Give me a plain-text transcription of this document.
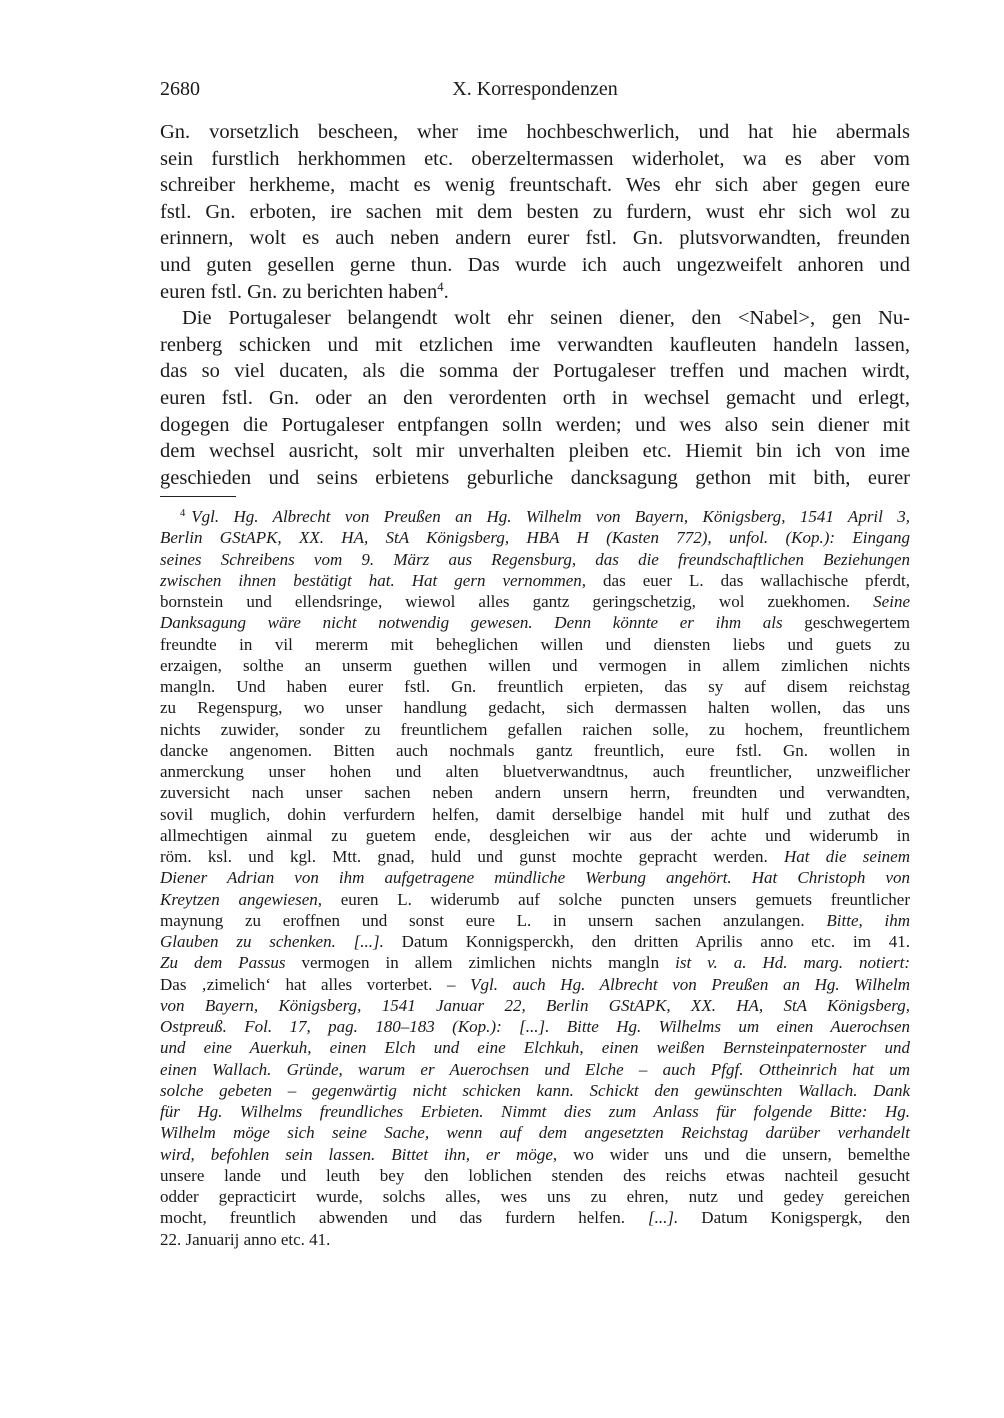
2680	X. Korrespondenzen
Gn. vorsetzlich bescheen, wher ime hochbeschwerlich, und hat hie abermals
sein furstlich herkhommen etc. oberzeltermassen widerholet, wa es aber vom
schreiber herkheme, macht es wenig freuntschaft. Wes ehr sich aber gegen eure
fstl. Gn. erboten, ire sachen mit dem besten zu furdern, wust ehr sich wol zu
erinnern, wolt es auch neben andern eurer fstl. Gn. plutsvorwandten, freunden
und guten gesellen gerne thun. Das wurde ich auch ungezweifelt anhoren und
euren fstl. Gn. zu berichten haben$^4$.
Die Portugaleser belangendt wolt ehr seinen diener, den <Nabel>, gen Nu-
renberg schicken und mit etzlichen ime verwandten kaufleuten handeln lassen,
das so viel ducaten, als die somma der Portugaleser treffen und machen wirdt,
euren fstl. Gn. oder an den verordenten orth in wechsel gemacht und erlegt,
dogegen die Portugaleser entpfangen solln werden; und wes also sein diener mit
dem wechsel ausricht, solt mir unverhalten pleiben etc. Hiemit bin ich von ime
geschieden und seins erbietens geburliche dancksagung gethon mit bith, eurer
$^4$ Vgl. Hg. Albrecht von Preußen an Hg. Wilhelm von Bayern, Königsberg, 1541 April 3,
Berlin GStAPK, XX. HA, StA Königsberg, HBA H (Kasten 772), unfol. (Kop.): Eingang
seines Schreibens vom 9. März aus Regensburg, das die freundschaftlichen Beziehungen
zwischen ihnen bestätigt hat. Hat gern vernommen, das euer L. das wallachische pferdt,
bornstein und ellendsringe, wiewol alles gantz geringschetzig, wol zuekhomen. Seine
Danksagung wäre nicht notwendig gewesen. Denn könnte er ihm als geschwegertem
freundte in vil mererm mit beheglichen willen und diensten liebs und guets zu
erzaigen, solthe an unserm guethen willen und vermogen in allem zimlichen nichts
mangln. Und haben eurer fstl. Gn. freuntlich erpieten, das sy auf disem reichstag
zu Regenspurg, wo unser handlung gedacht, sich dermassen halten wollen, das uns
nichts zuwider, sonder zu freuntlichem gefallen raichen solle, zu hochem, freuntlichem
dancke angenomen. Bitten auch nochmals gantz freuntlich, eure fstl. Gn. wollen in
anmerckung unser hohen und alten bluetverwandtnus, auch freuntlicher, unzweiflicher
zuversicht nach unser sachen neben andern unsern herrn, freundten und verwandten,
sovil muglich, dohin verfurdern helfen, damit derselbige handel mit hulf und zuthat des
allmechtigen ainmal zu guetem ende, desgleichen wir aus der achte und widerumb in
röm. ksl. und kgl. Mtt. gnad, huld und gunst mochte gepracht werden. Hat die seinem
Diener Adrian von ihm aufgetragene mündliche Werbung angehört. Hat Christoph von
Kreytzen angewiesen, euren L. widerumb auf solche puncten unsers gemuets freuntlicher
maynung zu eroffnen und sonst eure L. in unsern sachen anzulangen. Bitte, ihm
Glauben zu schenken. [...]. Datum Konnigsperckh, den dritten Aprilis anno etc. im 41.
Zu dem Passus vermogen in allem zimlichen nichts mangln ist v. a. Hd. marg. notiert:
Das ‚zimelich‘ hat alles vorterbet. – Vgl. auch Hg. Albrecht von Preußen an Hg. Wilhelm
von Bayern, Königsberg, 1541 Januar 22, Berlin GStAPK, XX. HA, StA Königsberg,
Ostpreuß. Fol. 17, pag. 180–183 (Kop.): [...]. Bitte Hg. Wilhelms um einen Auerochsen
und eine Auerkuh, einen Elch und eine Elchkuh, einen weißen Bernsteinpaternoster und
einen Wallach. Gründe, warum er Auerochsen und Elche – auch Pfgf. Ottheinrich hat um
solche gebeten – gegenwärtig nicht schicken kann. Schickt den gewünschten Wallach. Dank
für Hg. Wilhelms freundliches Erbieten. Nimmt dies zum Anlass für folgende Bitte: Hg.
Wilhelm möge sich seine Sache, wenn auf dem angesetzten Reichstag darüber verhandelt
wird, befohlen sein lassen. Bittet ihn, er möge, wo wider uns und die unsern, bemelthe
unsere lande und leuth bey den loblichen stenden des reichs etwas nachteil gesucht
odder gepracticirt wurde, solchs alles, wes uns zu ehren, nutz und gedey gereichen
mocht, freuntlich abwenden und das furdern helfen. [...]. Datum Konigspergk, den
22. Januarij anno etc. 41.
